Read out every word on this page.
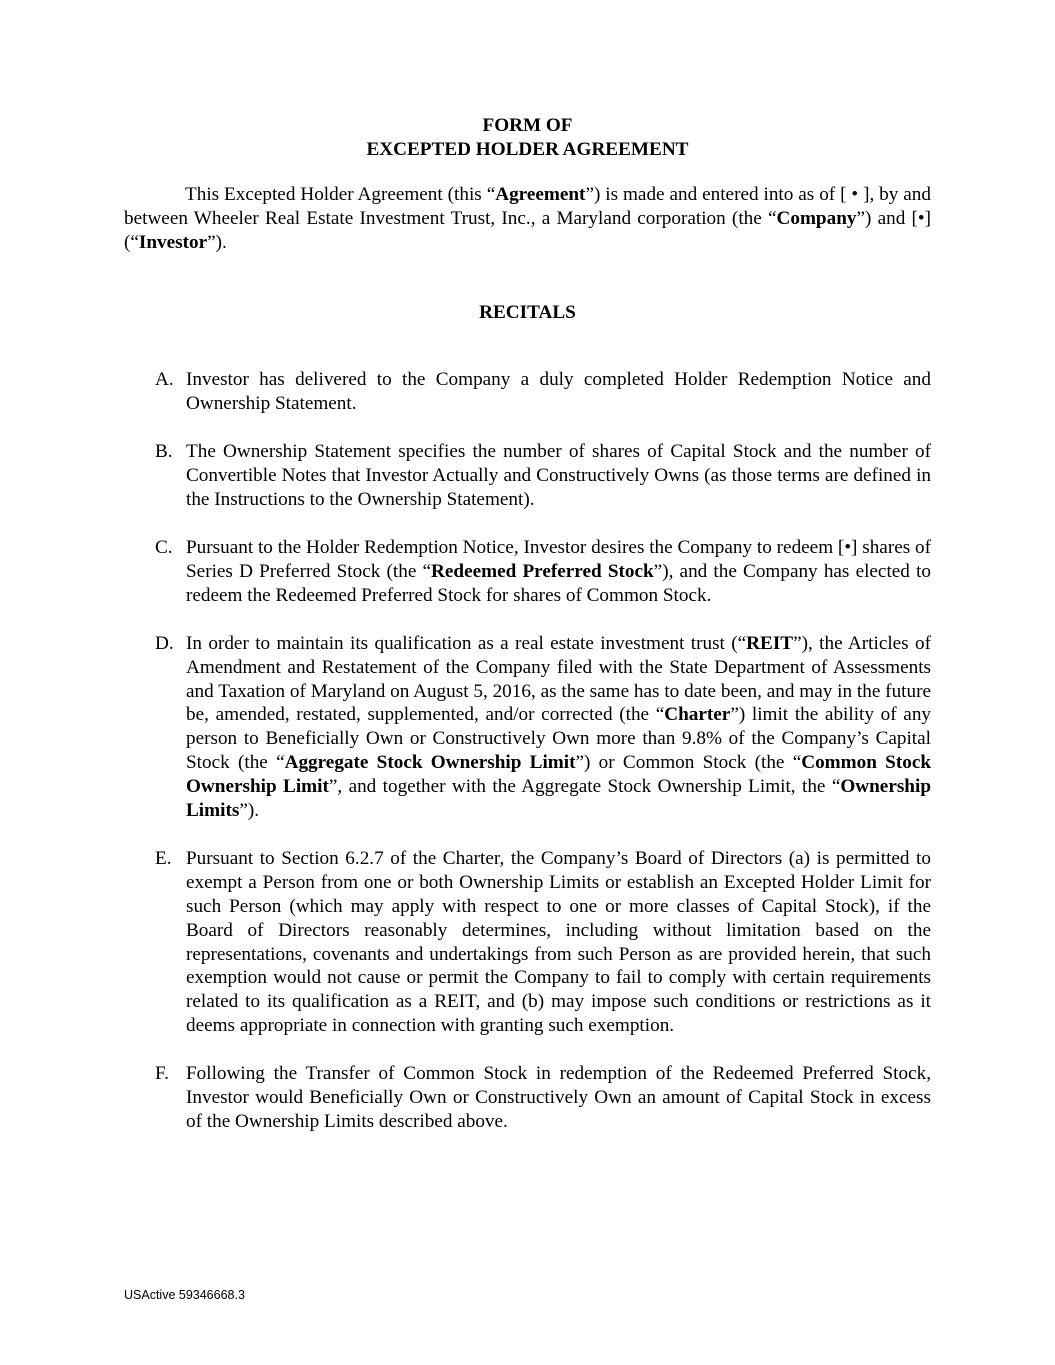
FORM OF

EXCEPTED HOLDER AGREEMENT

This Excepted Holder Agreement (this “Agreement”) is made and entered into as of [ • ], by and between Wheeler Real Estate Investment Trust, Inc., a Maryland corporation (the “Company”) and [•] (“Investor”).

RECITALS

A. Investor has delivered to the Company a duly completed Holder Redemption Notice and Ownership Statement.
B. The Ownership Statement specifies the number of shares of Capital Stock and the number of Convertible Notes that Investor Actually and Constructively Owns (as those terms are defined in the Instructions to the Ownership Statement).
C. Pursuant to the Holder Redemption Notice, Investor desires the Company to redeem [•] shares of Series D Preferred Stock (the “Redeemed Preferred Stock”), and the Company has elected to redeem the Redeemed Preferred Stock for shares of Common Stock.
D. In order to maintain its qualification as a real estate investment trust (“REIT”), the Articles of Amendment and Restatement of the Company filed with the State Department of Assessments and Taxation of Maryland on August 5, 2016, as the same has to date been, and may in the future be, amended, restated, supplemented, and/or corrected (the “Charter”) limit the ability of any person to Beneficially Own or Constructively Own more than 9.8% of the Company’s Capital Stock (the “Aggregate Stock Ownership Limit”) or Common Stock (the “Common Stock Ownership Limit”, and together with the Aggregate Stock Ownership Limit, the “Ownership Limits”).
E. Pursuant to Section 6.2.7 of the Charter, the Company’s Board of Directors (a) is permitted to exempt a Person from one or both Ownership Limits or establish an Excepted Holder Limit for such Person (which may apply with respect to one or more classes of Capital Stock), if the Board of Directors reasonably determines, including without limitation based on the representations, covenants and undertakings from such Person as are provided herein, that such exemption would not cause or permit the Company to fail to comply with certain requirements related to its qualification as a REIT, and (b) may impose such conditions or restrictions as it deems appropriate in connection with granting such exemption.
F. Following the Transfer of Common Stock in redemption of the Redeemed Preferred Stock, Investor would Beneficially Own or Constructively Own an amount of Capital Stock in excess of the Ownership Limits described above.
USActive 59346668.3
